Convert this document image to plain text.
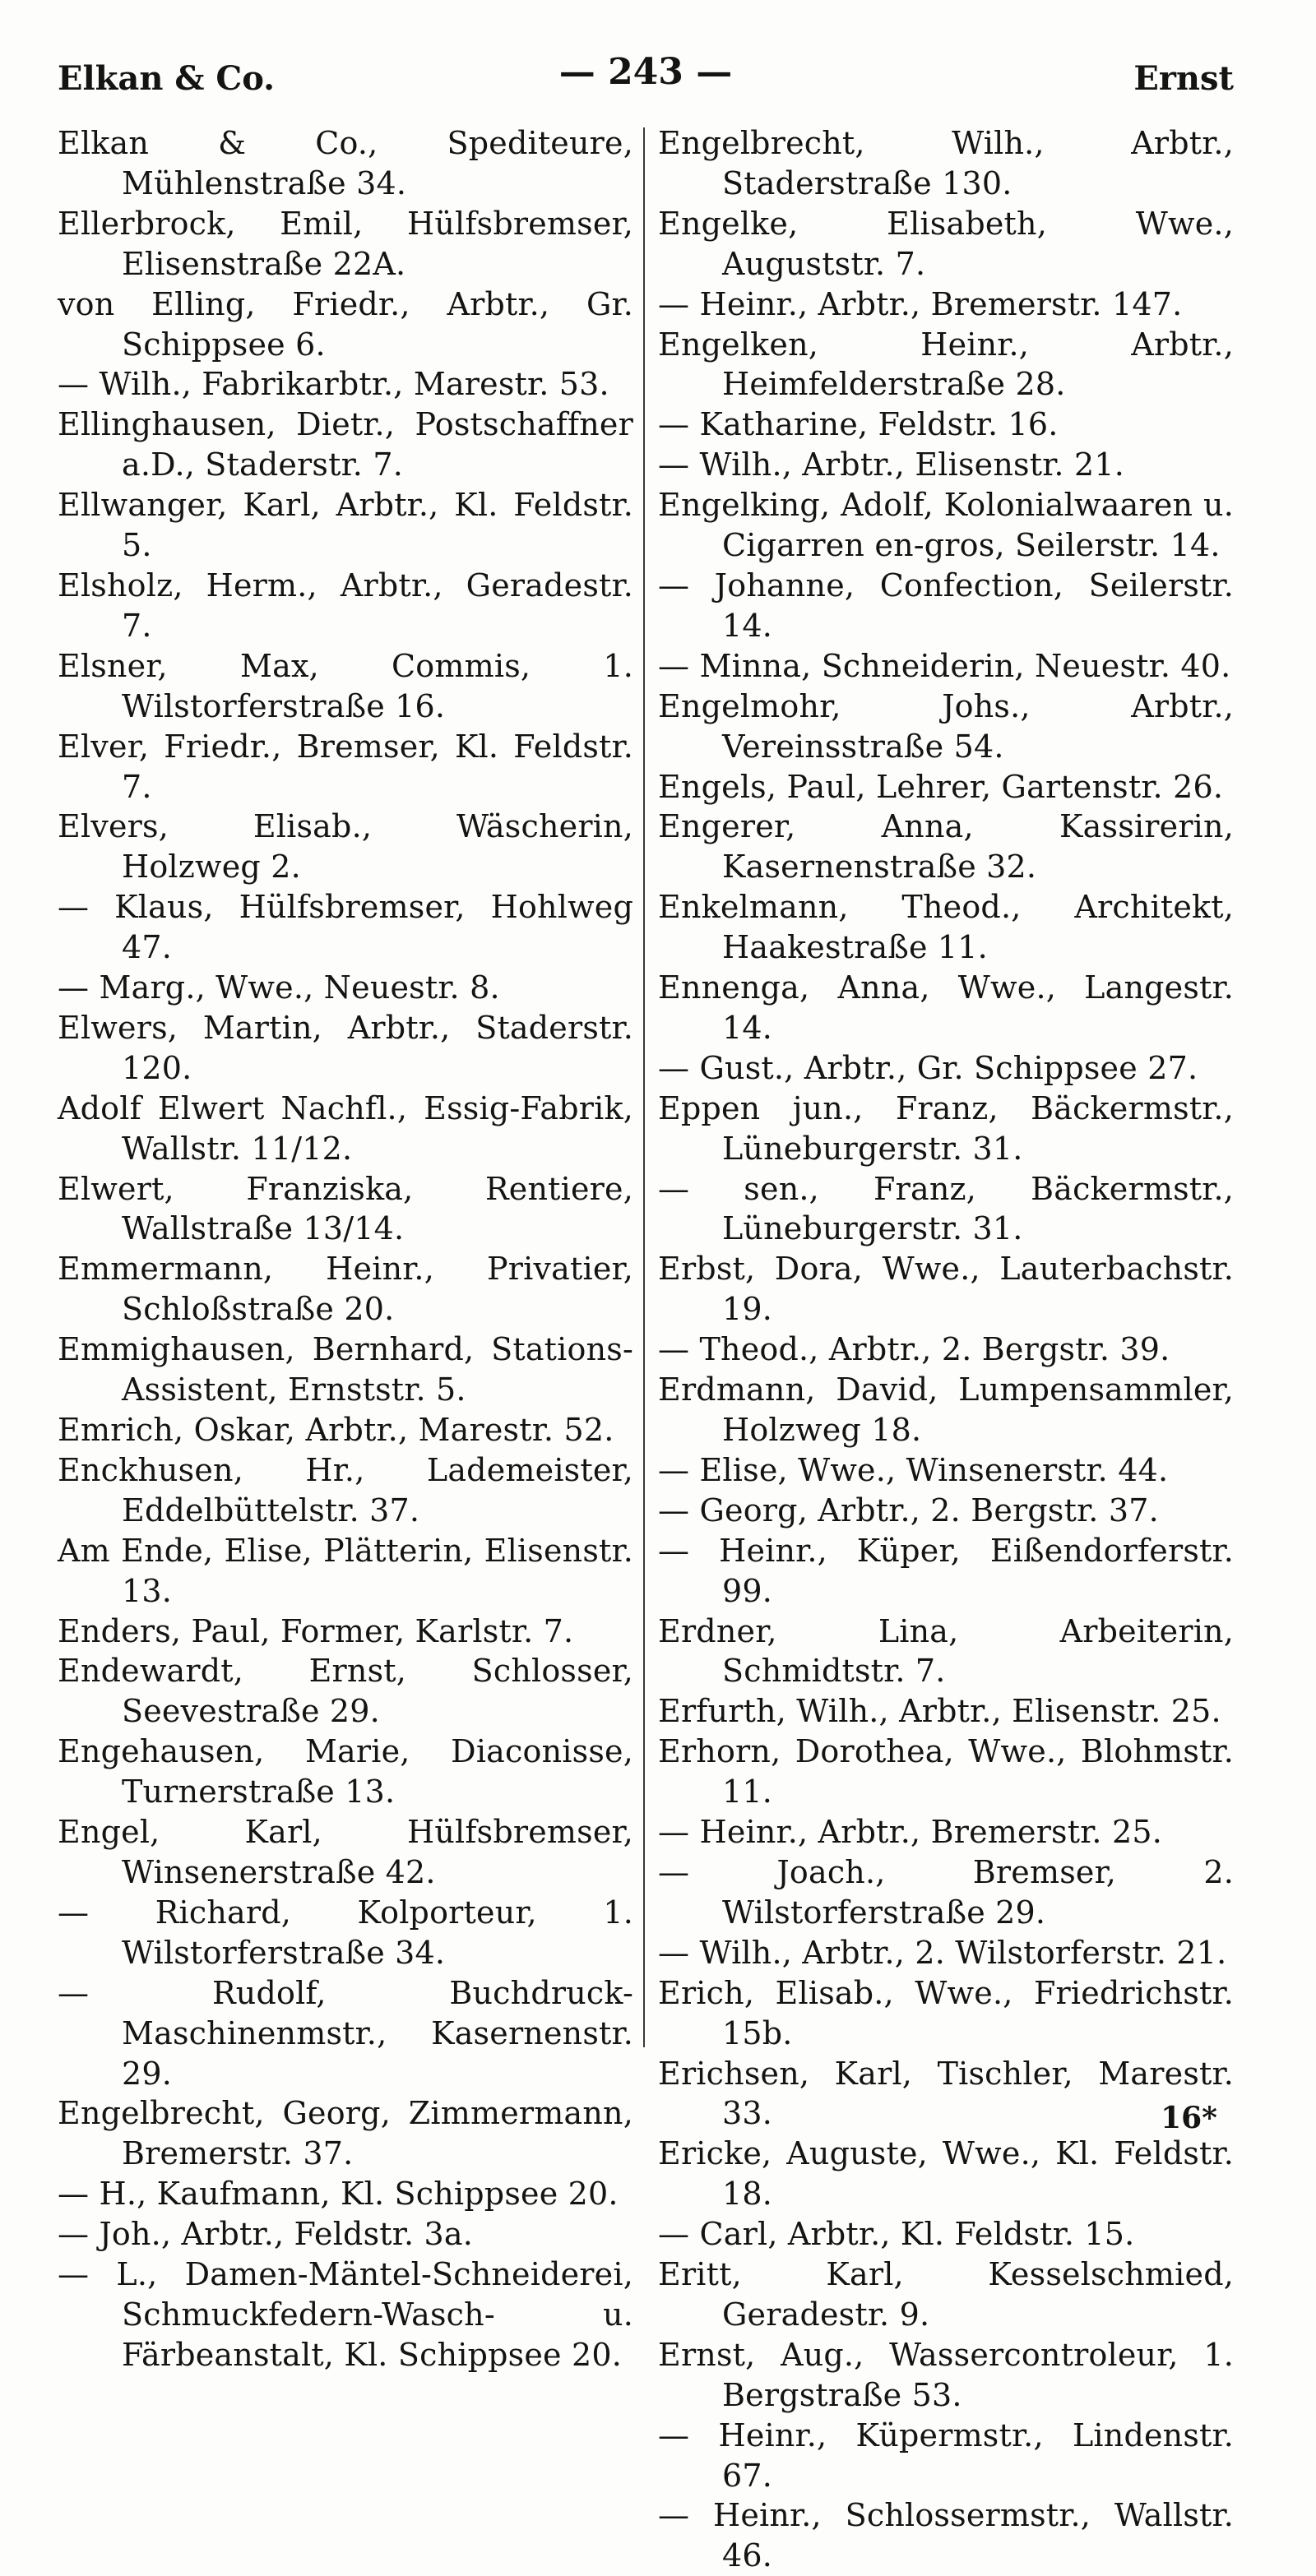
Elkan & Co.	— 243 —	Ernst

Elkan & Co., Spediteure, Mühlenstraße 34.

Ellerbrock, Emil, Hülfsbremser, Elisenstraße 22A.

von Elling, Friedr., Arbtr., Gr. Schippsee 6.

— Wilh., Fabrikarbtr., Marestr. 53.

Ellinghausen, Dietr., Postschaffner a.D., Staderstr. 7.

Ellwanger, Karl, Arbtr., Kl. Feldstr. 5.

Elsholz, Herm., Arbtr., Geradestr. 7.

Elsner, Max, Commis, 1. Wilstorferstraße 16.

Elver, Friedr., Bremser, Kl. Feldstr. 7.

Elvers, Elisab., Wäscherin, Holzweg 2.

— Klaus, Hülfsbremser, Hohlweg 47.

— Marg., Wwe., Neuestr. 8.

Elwers, Martin, Arbtr., Staderstr. 120.

Adolf Elwert Nachfl., Essig-Fabrik, Wallstr. 11/12.

Elwert, Franziska, Rentiere, Wallstraße 13/14.

Emmermann, Heinr., Privatier, Schloßstraße 20.

Emmighausen, Bernhard, Stations-Assistent, Ernststr. 5.

Emrich, Oskar, Arbtr., Marestr. 52.

Enckhusen, Hr., Lademeister, Eddelbüttelstr. 37.

Am Ende, Elise, Plätterin, Elisenstr. 13.

Enders, Paul, Former, Karlstr. 7.

Endewardt, Ernst, Schlosser, Seevestraße 29.

Engehausen, Marie, Diaconisse, Turnerstraße 13.

Engel, Karl, Hülfsbremser, Winsenerstraße 42.

— Richard, Kolporteur, 1. Wilstorferstraße 34.

— Rudolf, Buchdruck-Maschinenmstr., Kasernenstr. 29.

Engelbrecht, Georg, Zimmermann, Bremerstr. 37.

— H., Kaufmann, Kl. Schippsee 20.

— Joh., Arbtr., Feldstr. 3a.

— L., Damen-Mäntel-Schneiderei, Schmuckfedern-Wasch- u. Färbeanstalt, Kl. Schippsee 20.

Engelbrecht, Wilh., Arbtr., Staderstraße 130.

Engelke, Elisabeth, Wwe., Auguststr. 7.

— Heinr., Arbtr., Bremerstr. 147.

Engelken, Heinr., Arbtr., Heimfelderstraße 28.

— Katharine, Feldstr. 16.

— Wilh., Arbtr., Elisenstr. 21.

Engelking, Adolf, Kolonialwaaren u. Cigarren en-gros, Seilerstr. 14.

— Johanne, Confection, Seilerstr. 14.

— Minna, Schneiderin, Neuestr. 40.

Engelmohr, Johs., Arbtr., Vereinsstraße 54.

Engels, Paul, Lehrer, Gartenstr. 26.

Engerer, Anna, Kassirerin, Kasernenstraße 32.

Enkelmann, Theod., Architekt, Haakestraße 11.

Ennenga, Anna, Wwe., Langestr. 14.

— Gust., Arbtr., Gr. Schippsee 27.

Eppen jun., Franz, Bäckermstr., Lüneburgerstr. 31.

— sen., Franz, Bäckermstr., Lüneburgerstr. 31.

Erbst, Dora, Wwe., Lauterbachstr. 19.

— Theod., Arbtr., 2. Bergstr. 39.

Erdmann, David, Lumpensammler, Holzweg 18.

— Elise, Wwe., Winsenerstr. 44.

— Georg, Arbtr., 2. Bergstr. 37.

— Heinr., Küper, Eißendorferstr. 99.

Erdner, Lina, Arbeiterin, Schmidtstr. 7.

Erfurth, Wilh., Arbtr., Elisenstr. 25.

Erhorn, Dorothea, Wwe., Blohmstr. 11.

— Heinr., Arbtr., Bremerstr. 25.

— Joach., Bremser, 2. Wilstorferstraße 29.

— Wilh., Arbtr., 2. Wilstorferstr. 21.

Erich, Elisab., Wwe., Friedrichstr. 15b.

Erichsen, Karl, Tischler, Marestr. 33.

Ericke, Auguste, Wwe., Kl. Feldstr. 18.

— Carl, Arbtr., Kl. Feldstr. 15.

Eritt, Karl, Kesselschmied, Geradestr. 9.

Ernst, Aug., Wassercontroleur, 1. Bergstraße 53.

— Heinr., Küpermstr., Lindenstr. 67.

— Heinr., Schlossermstr., Wallstr. 46.

16*
